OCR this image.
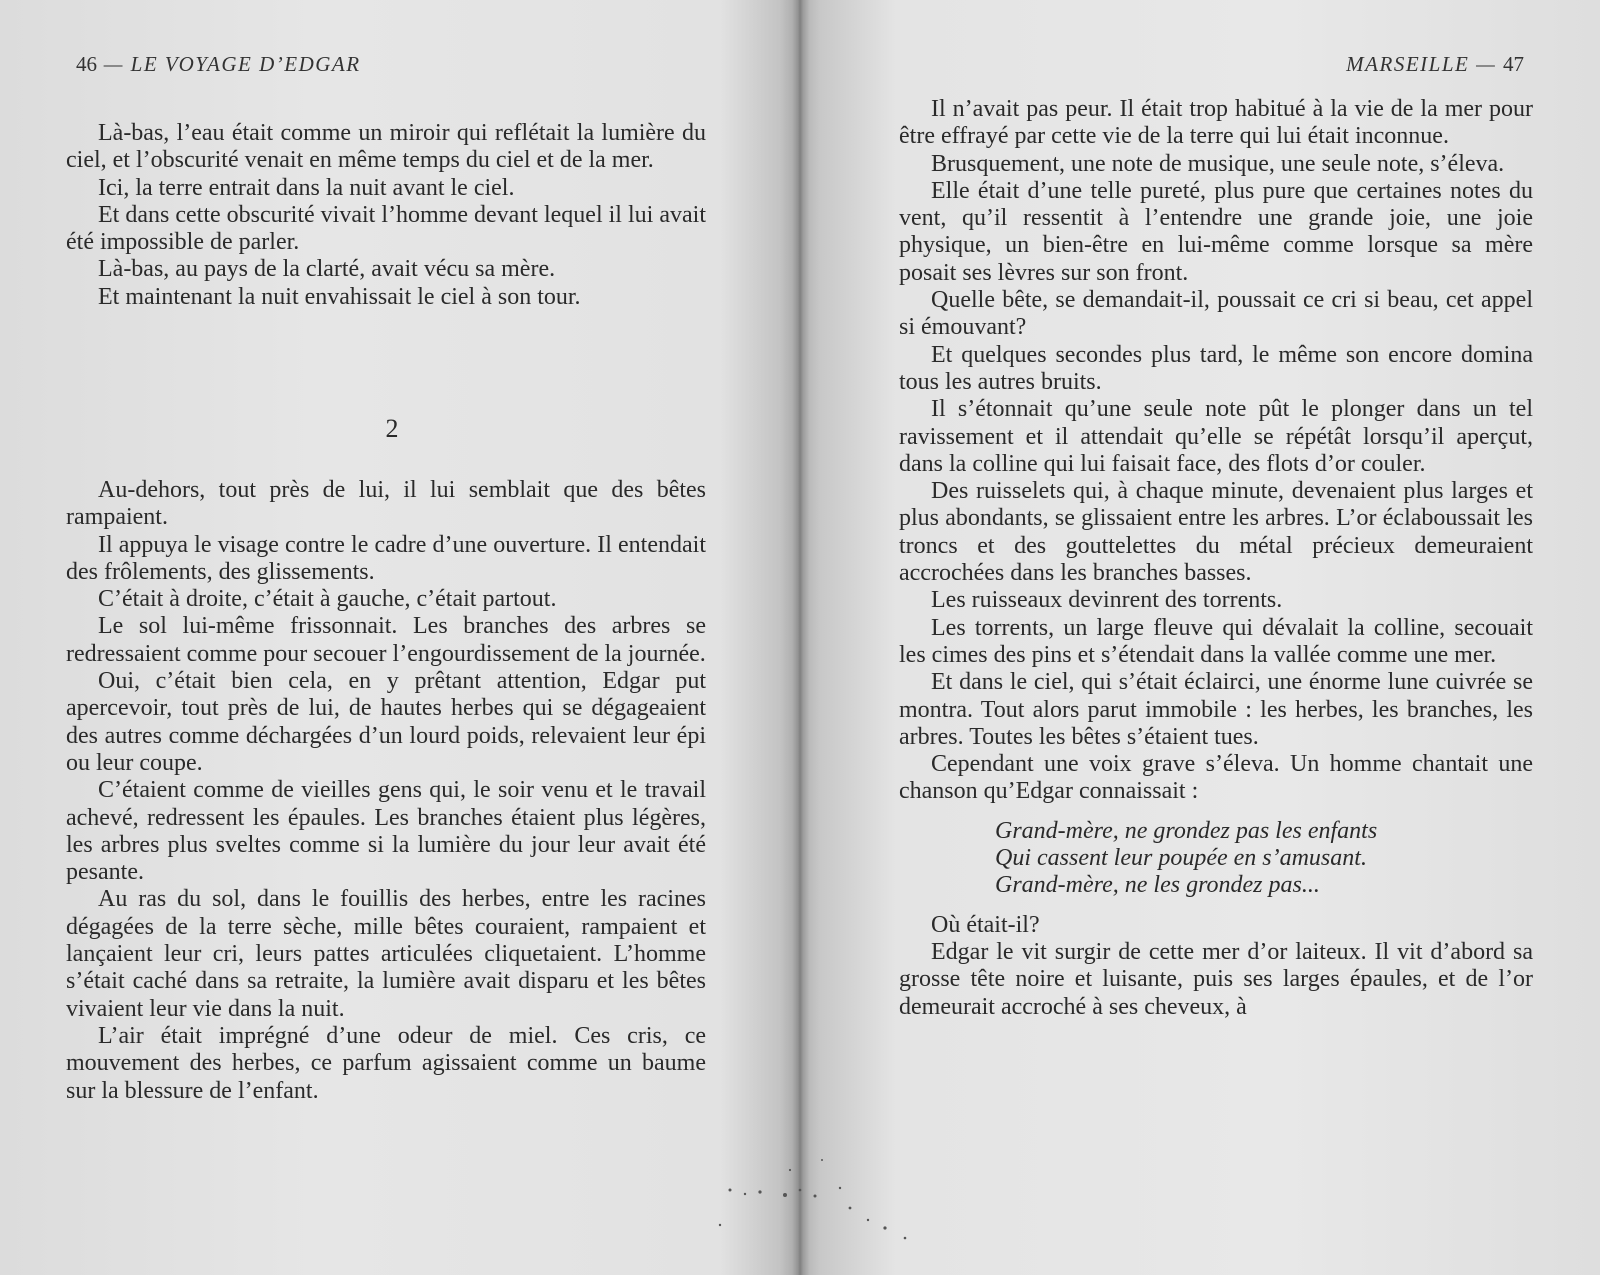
46 — LE VOYAGE D’EDGAR

Là-bas, l’eau était comme un miroir qui reflétait la lumière du ciel, et l’obscurité venait en même temps du ciel et de la mer.

Ici, la terre entrait dans la nuit avant le ciel.

Et dans cette obscurité vivait l’homme devant lequel il lui avait été impossible de parler.

Là-bas, au pays de la clarté, avait vécu sa mère.

Et maintenant la nuit envahissait le ciel à son tour.

2

Au-dehors, tout près de lui, il lui semblait que des bêtes rampaient.

Il appuya le visage contre le cadre d’une ouverture. Il entendait des frôlements, des glissements.

C’était à droite, c’était à gauche, c’était partout.

Le sol lui-même frissonnait. Les branches des arbres se redressaient comme pour secouer l’engourdissement de la journée.

Oui, c’était bien cela, en y prêtant attention, Edgar put apercevoir, tout près de lui, de hautes herbes qui se dégageaient des autres comme déchargées d’un lourd poids, relevaient leur épi ou leur coupe.

C’étaient comme de vieilles gens qui, le soir venu et le travail achevé, redressent les épaules. Les branches étaient plus légères, les arbres plus sveltes comme si la lumière du jour leur avait été pesante.

Au ras du sol, dans le fouillis des herbes, entre les racines dégagées de la terre sèche, mille bêtes couraient, rampaient et lançaient leur cri, leurs pattes articulées cliquetaient. L’homme s’était caché dans sa retraite, la lumière avait disparu et les bêtes vivaient leur vie dans la nuit.

L’air était imprégné d’une odeur de miel. Ces cris, ce mouvement des herbes, ce parfum agissaient comme un baume sur la blessure de l’enfant.

MARSEILLE — 47

Il n’avait pas peur. Il était trop habitué à la vie de la mer pour être effrayé par cette vie de la terre qui lui était inconnue.

Brusquement, une note de musique, une seule note, s’éleva.

Elle était d’une telle pureté, plus pure que certaines notes du vent, qu’il ressentit à l’entendre une grande joie, une joie physique, un bien-être en lui-même comme lorsque sa mère posait ses lèvres sur son front.

Quelle bête, se demandait-il, poussait ce cri si beau, cet appel si émouvant?

Et quelques secondes plus tard, le même son encore domina tous les autres bruits.

Il s’étonnait qu’une seule note pût le plonger dans un tel ravissement et il attendait qu’elle se répétât lorsqu’il aperçut, dans la colline qui lui faisait face, des flots d’or couler.

Des ruisselets qui, à chaque minute, devenaient plus larges et plus abondants, se glissaient entre les arbres. L’or éclaboussait les troncs et des gouttelettes du métal précieux demeuraient accrochées dans les branches basses.

Les ruisseaux devinrent des torrents.

Les torrents, un large fleuve qui dévalait la colline, secouait les cimes des pins et s’étendait dans la vallée comme une mer.

Et dans le ciel, qui s’était éclairci, une énorme lune cuivrée se montra. Tout alors parut immobile : les herbes, les branches, les arbres. Toutes les bêtes s’étaient tues.

Cependant une voix grave s’éleva. Un homme chantait une chanson qu’Edgar connaissait :

Grand-mère, ne grondez pas les enfants
Qui cassent leur poupée en s’amusant.
Grand-mère, ne les grondez pas...

Où était-il?

Edgar le vit surgir de cette mer d’or laiteux. Il vit d’abord sa grosse tête noire et luisante, puis ses larges épaules, et de l’or demeurait accroché à ses cheveux, à
